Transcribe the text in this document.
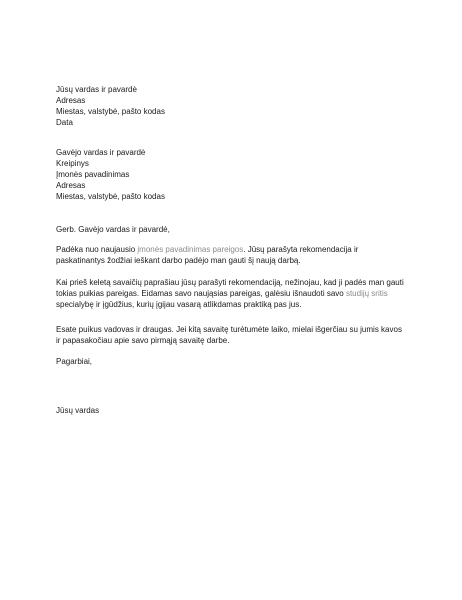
Jūsų vardas ir pavardė
Adresas
Miestas, valstybė, pašto kodas
Data
Gavėjo vardas ir pavardė
Kreipinys
Įmonės pavadinimas
Adresas
Miestas, valstybė, pašto kodas
Gerb. Gavėjo vardas ir pavardė,
Padėka nuo naujausio įmonės pavadinimas pareigos. Jūsų parašyta rekomendacija ir paskatinantys žodžiai ieškant darbo padėjo man gauti šį naują darbą.
Kai prieš keletą savaičių paprašiau jūsų parašyti rekomendaciją, nežinojau, kad ji padės man gauti tokias puikias pareigas. Eidamas savo naująsias pareigas, galėsiu išnaudoti savo studijų sritis specialybę ir įgūdžius, kurių įgijau vasarą atlikdamas praktiką pas jus.
Esate puikus vadovas ir draugas. Jei kitą savaitę turėtumėte laiko, mielai išgerčiau su jumis kavos ir papasakočiau apie savo pirmąją savaitę darbe.
Pagarbiai,
Jūsų vardas
